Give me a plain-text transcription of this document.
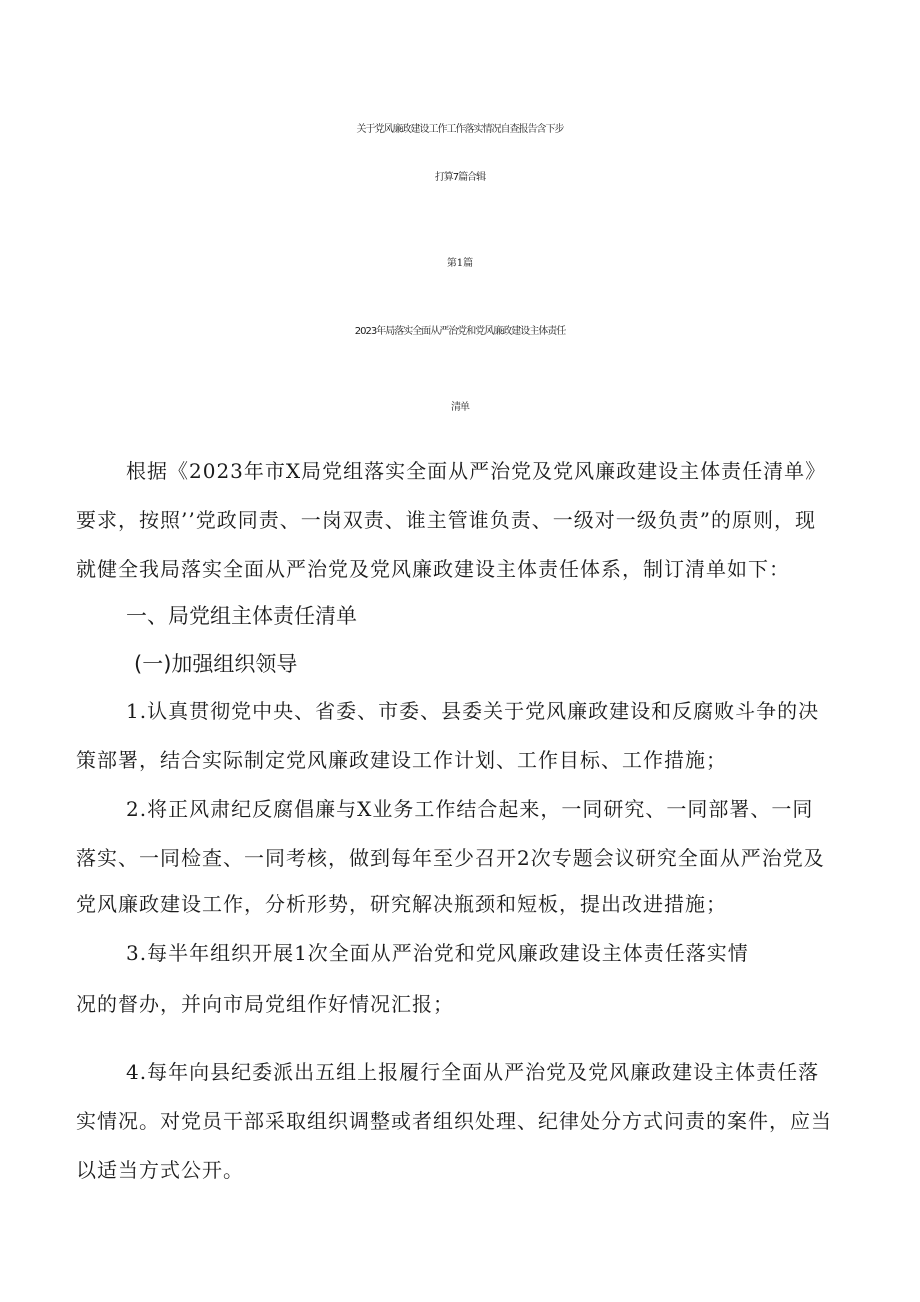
关于党风廉政建设工作工作落实情况自查报告含下步
打算7篇合辑
第1篇
2023年局落实全面从严治党和党风廉政建设主体责任
清单
根据《2023年市X局党组落实全面从严治党及党风廉政建设主体责任清单》
要求，按照’’党政同责、一岗双责、谁主管谁负责、一级对一级负责”的原则，现
就健全我局落实全面从严治党及党风廉政建设主体责任体系，制订清单如下：
一、局党组主体责任清单
(一)加强组织领导
1.认真贯彻党中央、省委、市委、县委关于党风廉政建设和反腐败斗争的决
策部署，结合实际制定党风廉政建设工作计划、工作目标、工作措施；
2.将正风肃纪反腐倡廉与X业务工作结合起来，一同研究、一同部署、一同
落实、一同检查、一同考核，做到每年至少召开2次专题会议研究全面从严治党及
党风廉政建设工作，分析形势，研究解决瓶颈和短板，提出改进措施；
3.每半年组织开展1次全面从严治党和党风廉政建设主体责任落实情
况的督办，并向市局党组作好情况汇报；
4.每年向县纪委派出五组上报履行全面从严治党及党风廉政建设主体责任落
实情况。对党员干部采取组织调整或者组织处理、纪律处分方式问责的案件，应当
以适当方式公开。
